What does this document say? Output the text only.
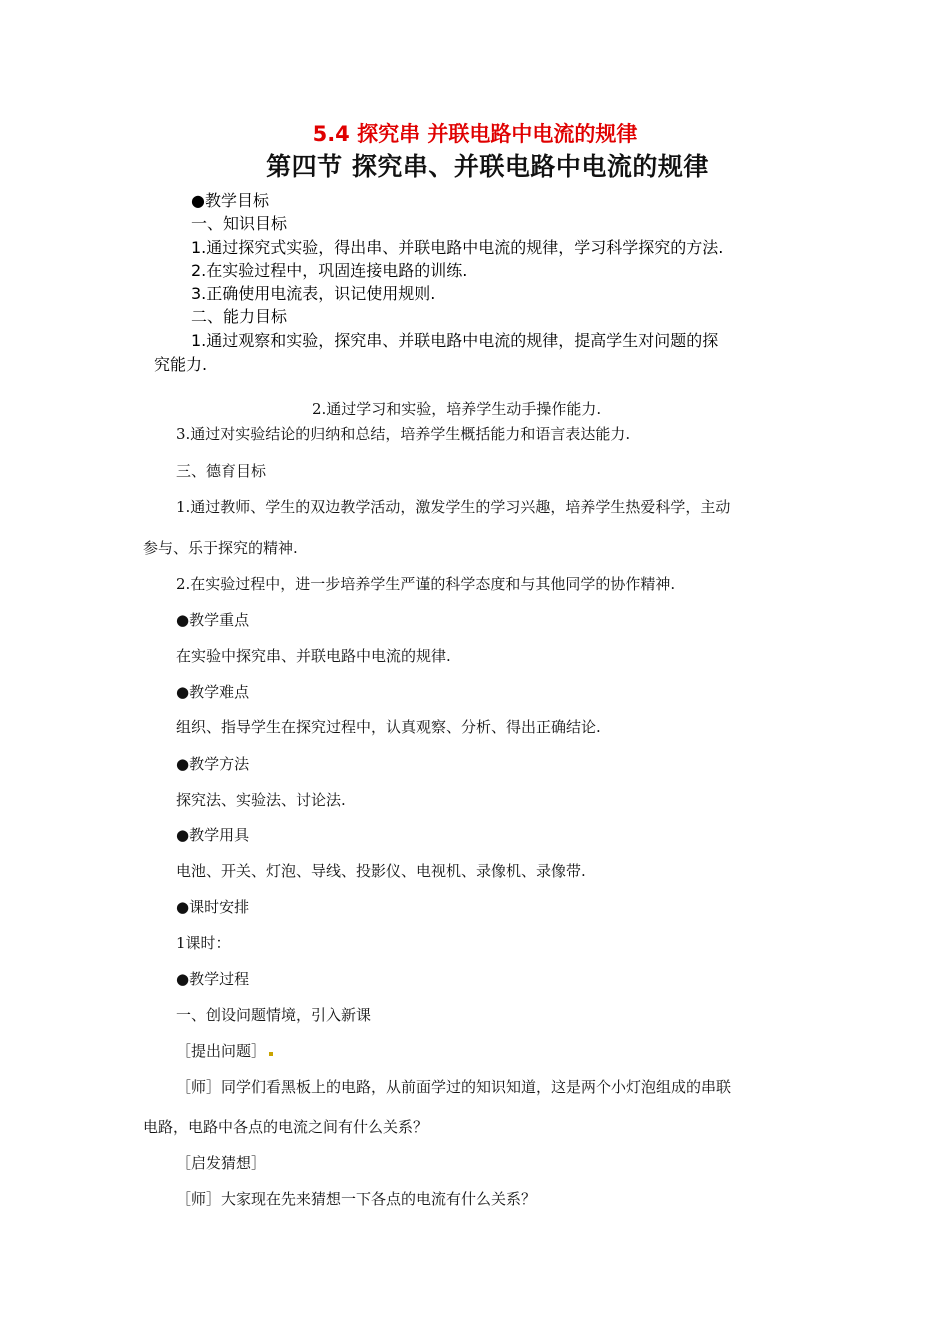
5.4 探究串 并联电路中电流的规律
第四节 探究串、并联电路中电流的规律
●教学目标
一、知识目标
1.通过探究式实验，得出串、并联电路中电流的规律，学习科学探究的方法.
2.在实验过程中，巩固连接电路的训练.
3.正确使用电流表，识记使用规则.
二、能力目标
1.通过观察和实验，探究串、并联电路中电流的规律，提高学生对问题的探
究能力.
2.通过学习和实验，培养学生动手操作能力.
3.通过对实验结论的归纳和总结，培养学生概括能力和语言表达能力.
三、德育目标
1.通过教师、学生的双边教学活动，激发学生的学习兴趣，培养学生热爱科学，主动
参与、乐于探究的精神.
2.在实验过程中，进一步培养学生严谨的科学态度和与其他同学的协作精神.
●教学重点
在实验中探究串、并联电路中电流的规律.
●教学难点
组织、指导学生在探究过程中，认真观察、分析、得出正确结论.
●教学方法
探究法、实验法、讨论法.
●教学用具
电池、开关、灯泡、导线、投影仪、电视机、录像机、录像带.
●课时安排
1课时：
●教学过程
一、创设问题情境，引入新课
［提出问题］
［师］同学们看黑板上的电路，从前面学过的知识知道，这是两个小灯泡组成的串联
电路，电路中各点的电流之间有什么关系？
［启发猜想］
［师］大家现在先来猜想一下各点的电流有什么关系？
